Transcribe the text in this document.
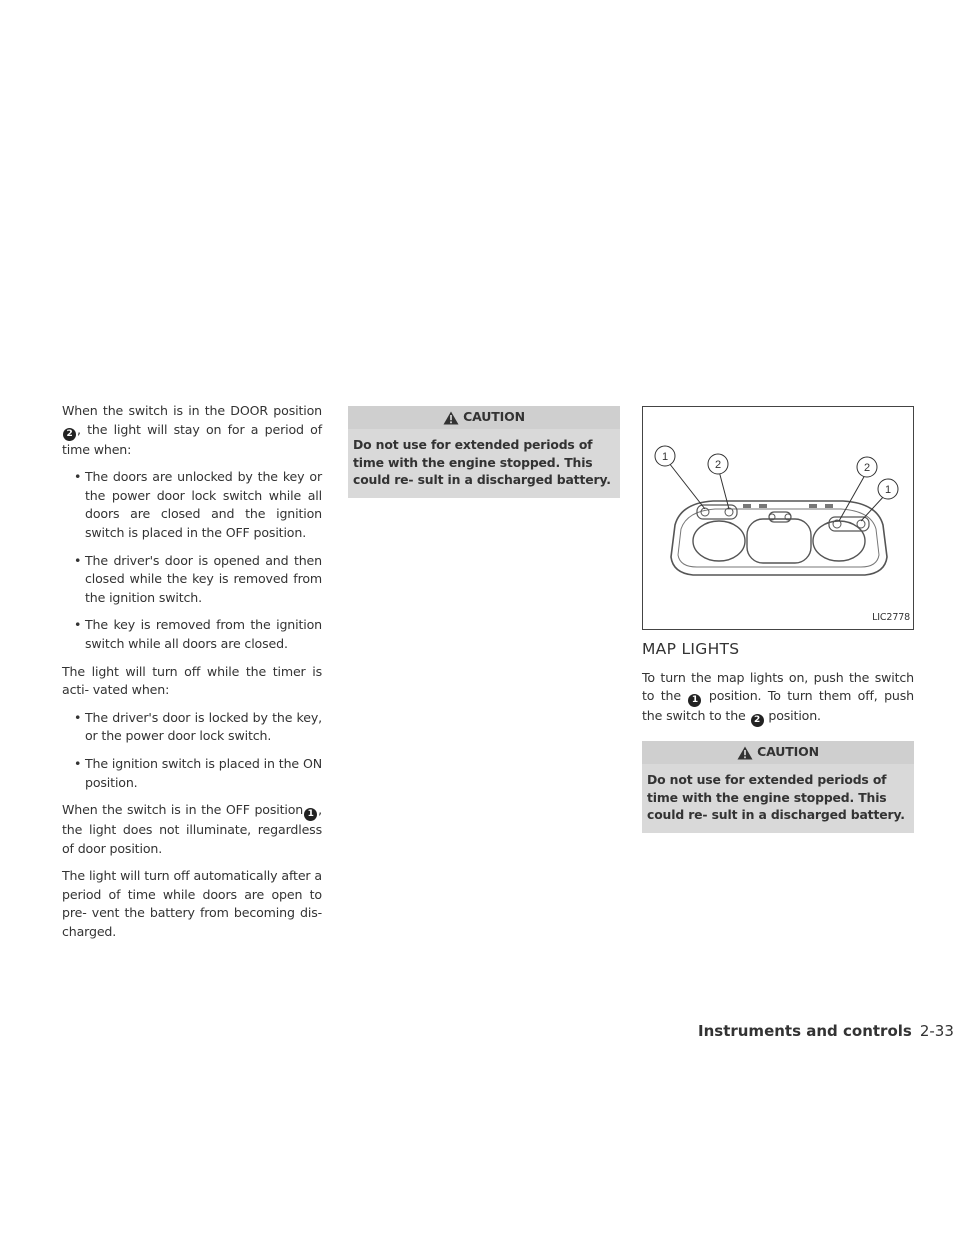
When the switch is in the DOOR position2 , the light will stay on for a period of time when:

• The doors are unlocked by the key or the power door lock switch while all doors are closed and the ignition switch is placed in the OFF position.
• The driver's door is opened and then closed while the key is removed from the ignition switch.
• The key is removed from the ignition switch while all doors are closed.

The light will turn off while the timer is acti- vated when:

• The driver's door is locked by the key, or the power door lock switch.
• The ignition switch is placed in the ON position.

When the switch is in the OFF position 1 , the light does not illuminate, regardless of door position.

The light will turn off automatically after a period of time while doors are open to pre- vent the battery from becoming dis- charged.

CAUTION
Do not use for extended periods of time with the engine stopped. This could re- sult in a discharged battery.
1
2	2
1
LIC2778
MAP LIGHTS

To turn the map lights on, push the switch to the 1 position. To turn them off, push the switch to the 2 position.

CAUTION
Do not use for extended periods of time with the engine stopped. This could re- sult in a discharged battery.
Instruments and controls 2-33
